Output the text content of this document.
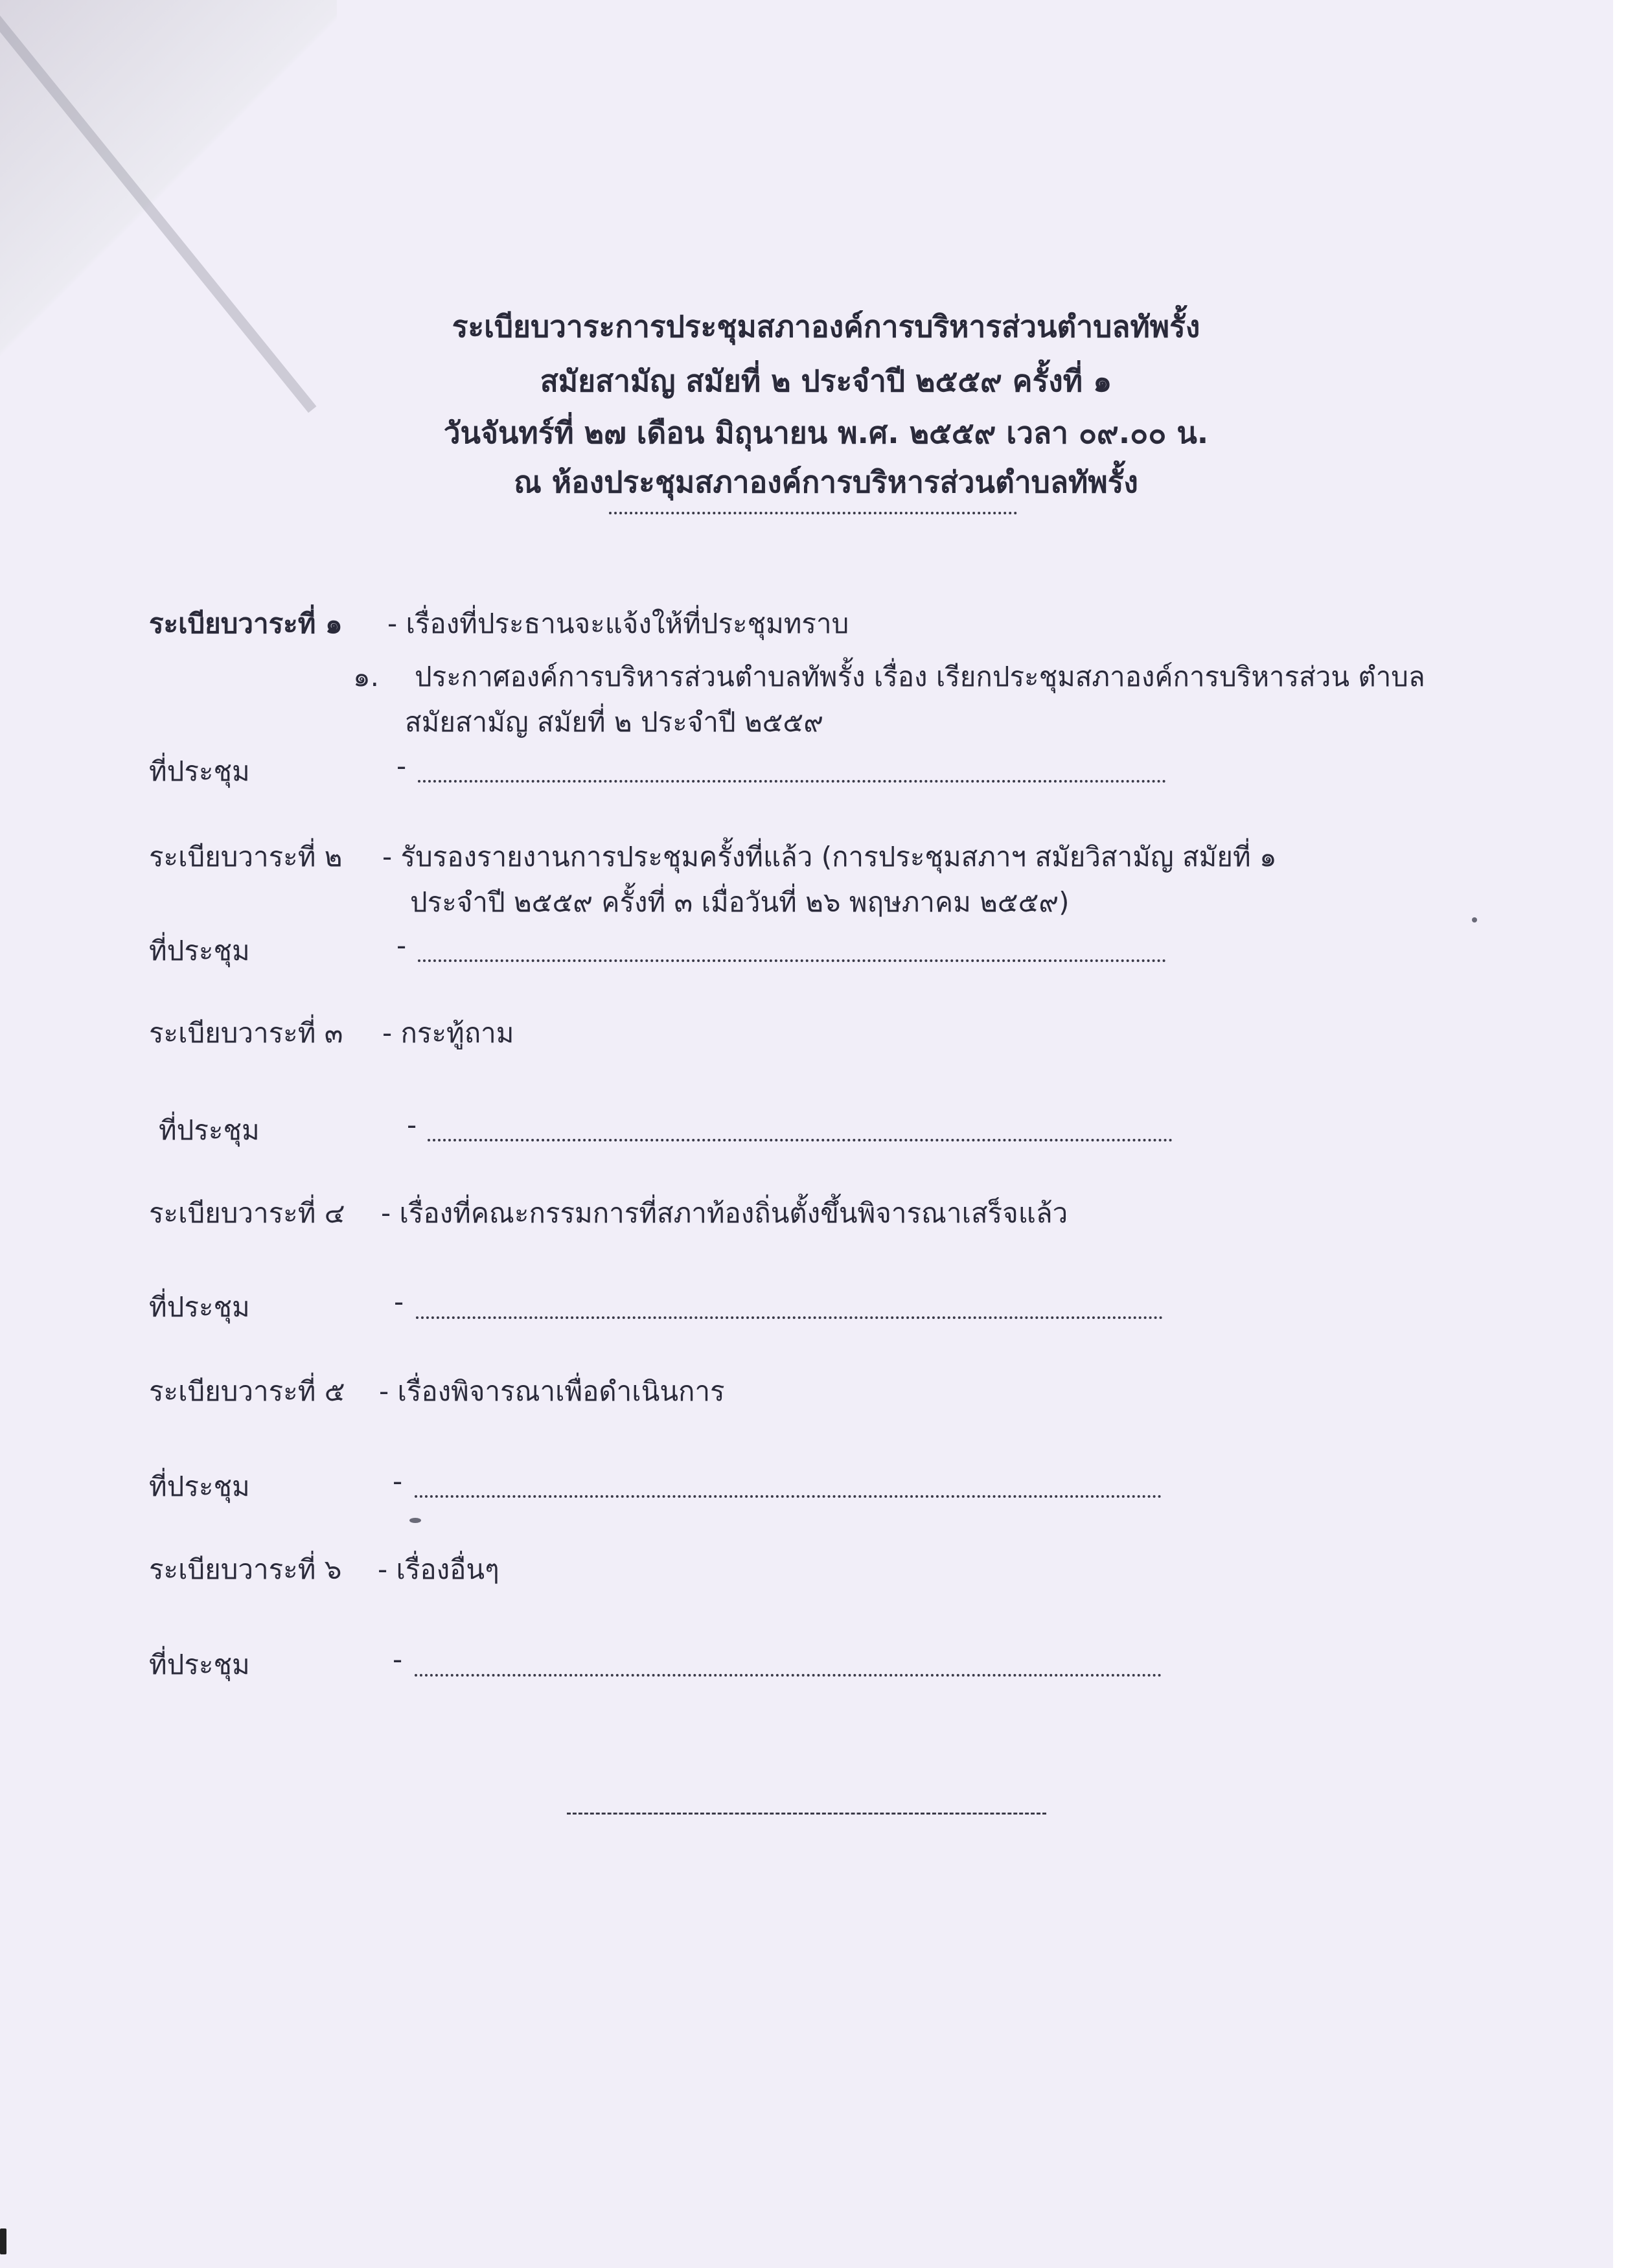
ระเบียบวาระการประชุมสภาองค์การบริหารส่วนตำบลทัพรั้ง
สมัยสามัญ สมัยที่ ๒ ประจำปี ๒๕๕๙ ครั้งที่ ๑
วันจันทร์ที่ ๒๗ เดือน มิถุนายน พ.ศ. ๒๕๕๙ เวลา ๐๙.๐๐ น.
ณ ห้องประชุมสภาองค์การบริหารส่วนตำบลทัพรั้ง
ระเบียบวาระที่ ๑ - เรื่องที่ประธานจะแจ้งให้ที่ประชุมทราบ
๑. ประกาศองค์การบริหารส่วนตำบลทัพรั้ง เรื่อง เรียกประชุมสภาองค์การบริหารส่วน ตำบล
สมัยสามัญ สมัยที่ ๒ ประจำปี ๒๕๕๙
ที่ประชุม	-
ระเบียบวาระที่ ๒ - รับรองรายงานการประชุมครั้งที่แล้ว (การประชุมสภาฯ สมัยวิสามัญ สมัยที่ ๑
ประจำปี ๒๕๕๙ ครั้งที่ ๓ เมื่อวันที่ ๒๖ พฤษภาคม ๒๕๕๙)
ที่ประชุม	-
ระเบียบวาระที่ ๓ - กระทู้ถาม
ที่ประชุม	-
ระเบียบวาระที่ ๔ - เรื่องที่คณะกรรมการที่สภาท้องถิ่นตั้งขึ้นพิจารณาเสร็จแล้ว
ที่ประชุม	-
ระเบียบวาระที่ ๕ - เรื่องพิจารณาเพื่อดำเนินการ
ที่ประชุม	-
ระเบียบวาระที่ ๖ - เรื่องอื่นๆ
ที่ประชุม	-
